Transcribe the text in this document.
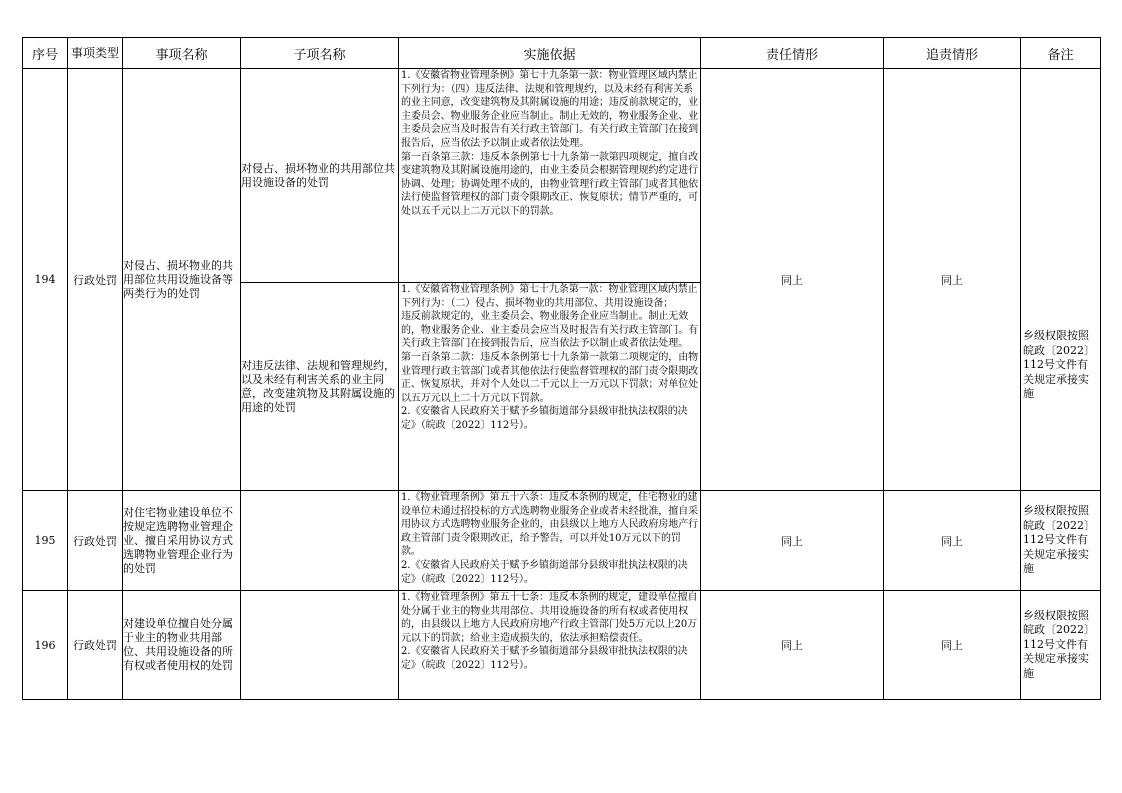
序号	事项类型	事项名称	子项名称	实施依据	责任情形	追责情形	备注
194	行政处罚	对侵占、损坏物业的共用部位共用设施设备等两类行为的处罚	对侵占、损坏物业的共用部位共用设施设备的处罚	1.《安徽省物业管理条例》第七十九条第一款：物业管理区域内禁止下列行为：（四）违反法律、法规和管理规约，以及未经有利害关系的业主同意，改变建筑物及其附属设施的用途；违反前款规定的，业主委员会、物业服务企业应当制止。制止无效的，物业服务企业、业主委员会应当及时报告有关行政主管部门。有关行政主管部门在接到报告后，应当依法予以制止或者依法处理。
第一百条第三款：违反本条例第七十九条第一款第四项规定，擅自改变建筑物及其附属设施用途的，由业主委员会根据管理规约约定进行协调、处理；协调处理不成的，由物业管理行政主管部门或者其他依法行使监督管理权的部门责令限期改正、恢复原状；情节严重的，可处以五千元以上二万元以下的罚款。	同上	同上	乡级权限按照皖政〔2022〕112号文件有关规定承接实施

			对违反法律、法规和管理规约，以及未经有利害关系的业主同意，改变建筑物及其附属设施的用途的处罚	1.《安徽省物业管理条例》第七十九条第一款：物业管理区域内禁止下列行为：（二）侵占、损坏物业的共用部位、共用设施设备；
违反前款规定的，业主委员会、物业服务企业应当制止。制止无效的，物业服务企业、业主委员会应当及时报告有关行政主管部门。有关行政主管部门在接到报告后，应当依法予以制止或者依法处理。
第一百条第二款：违反本条例第七十九条第一款第二项规定的，由物业管理行政主管部门或者其他依法行使监督管理权的部门责令限期改正、恢复原状，并对个人处以二千元以上一万元以下罚款；对单位处以五万元以上二十万元以下罚款。
2.《安徽省人民政府关于赋予乡镇街道部分县级审批执法权限的决定》（皖政〔2022〕112号）。			

195	行政处罚	对住宅物业建设单位不按规定选聘物业管理企业、擅自采用协议方式选聘物业管理企业行为的处罚		1.《物业管理条例》第五十六条：违反本条例的规定，住宅物业的建设单位未通过招投标的方式选聘物业服务企业或者未经批准，擅自采用协议方式选聘物业服务企业的，由县级以上地方人民政府房地产行政主管部门责令限期改正，给予警告，可以并处10万元以下的罚款。
2.《安徽省人民政府关于赋予乡镇街道部分县级审批执法权限的决定》（皖政〔2022〕112号）。	同上	同上	乡级权限按照皖政〔2022〕112号文件有关规定承接实施

196	行政处罚	对建设单位擅自处分属于业主的物业共用部位、共用设施设备的所有权或者使用权的处罚		1.《物业管理条例》第五十七条：违反本条例的规定，建设单位擅自处分属于业主的物业共用部位、共用设施设备的所有权或者使用权的，由县级以上地方人民政府房地产行政主管部门处5万元以上20万元以下的罚款；给业主造成损失的，依法承担赔偿责任。
2.《安徽省人民政府关于赋予乡镇街道部分县级审批执法权限的决定》（皖政〔2022〕112号）。	同上	同上	乡级权限按照皖政〔2022〕112号文件有关规定承接实施
